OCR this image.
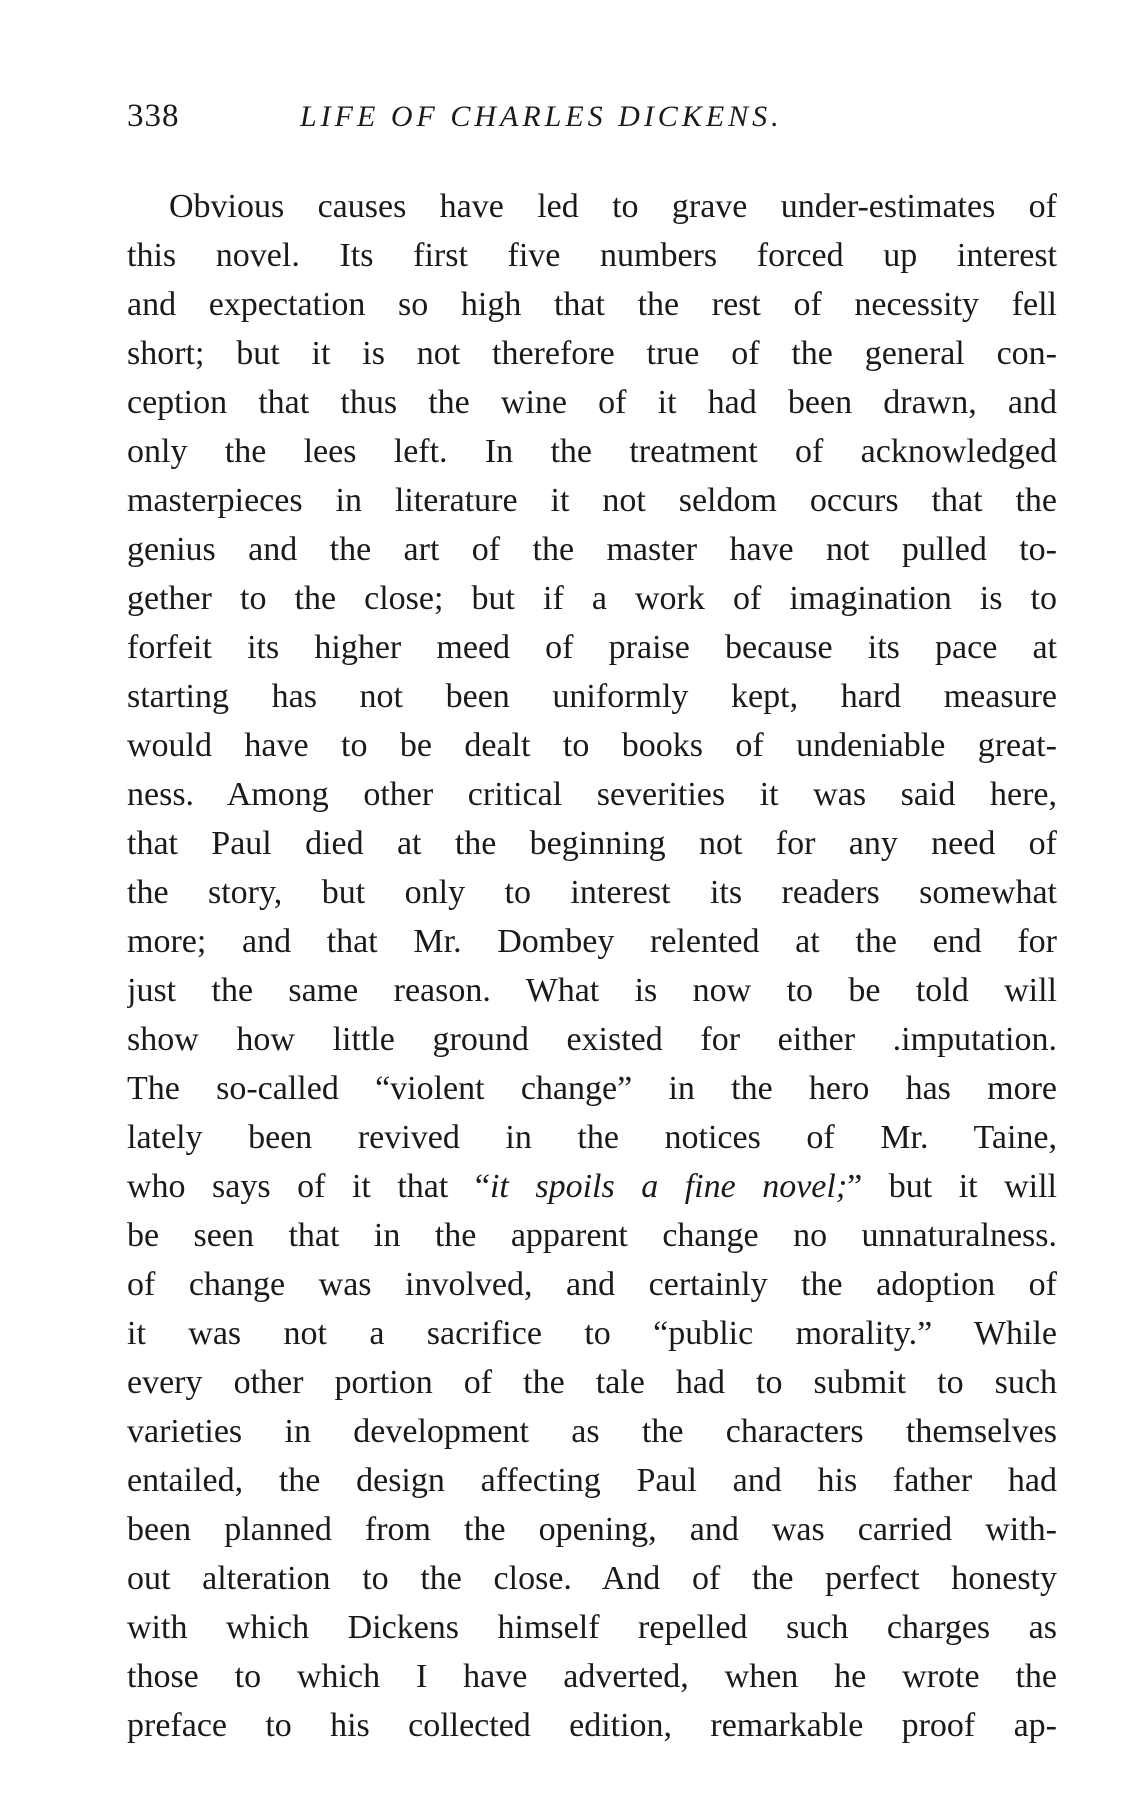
338	LIFE OF CHARLES DICKENS.
Obvious causes have led to grave under-estimates of
this novel. Its first five numbers forced up interest
and expectation so high that the rest of necessity fell
short; but it is not therefore true of the general con-
ception that thus the wine of it had been drawn, and
only the lees left. In the treatment of acknowledged
masterpieces in literature it not seldom occurs that the
genius and the art of the master have not pulled to-
gether to the close; but if a work of imagination is to
forfeit its higher meed of praise because its pace at
starting has not been uniformly kept, hard measure
would have to be dealt to books of undeniable great-
ness. Among other critical severities it was said here,
that Paul died at the beginning not for any need of
the story, but only to interest its readers somewhat
more; and that Mr. Dombey relented at the end for
just the same reason. What is now to be told will
show how little ground existed for either .imputation.
The so-called “violent change” in the hero has more
lately been revived in the notices of Mr. Taine,
who says of it that “it spoils a fine novel;” but it will
be seen that in the apparent change no unnaturalness.
of change was involved, and certainly the adoption of
it was not a sacrifice to “public morality.” While
every other portion of the tale had to submit to such
varieties in development as the characters themselves
entailed, the design affecting Paul and his father had
been planned from the opening, and was carried with-
out alteration to the close. And of the perfect honesty
with which Dickens himself repelled such charges as
those to which I have adverted, when he wrote the
preface to his collected edition, remarkable proof ap-
